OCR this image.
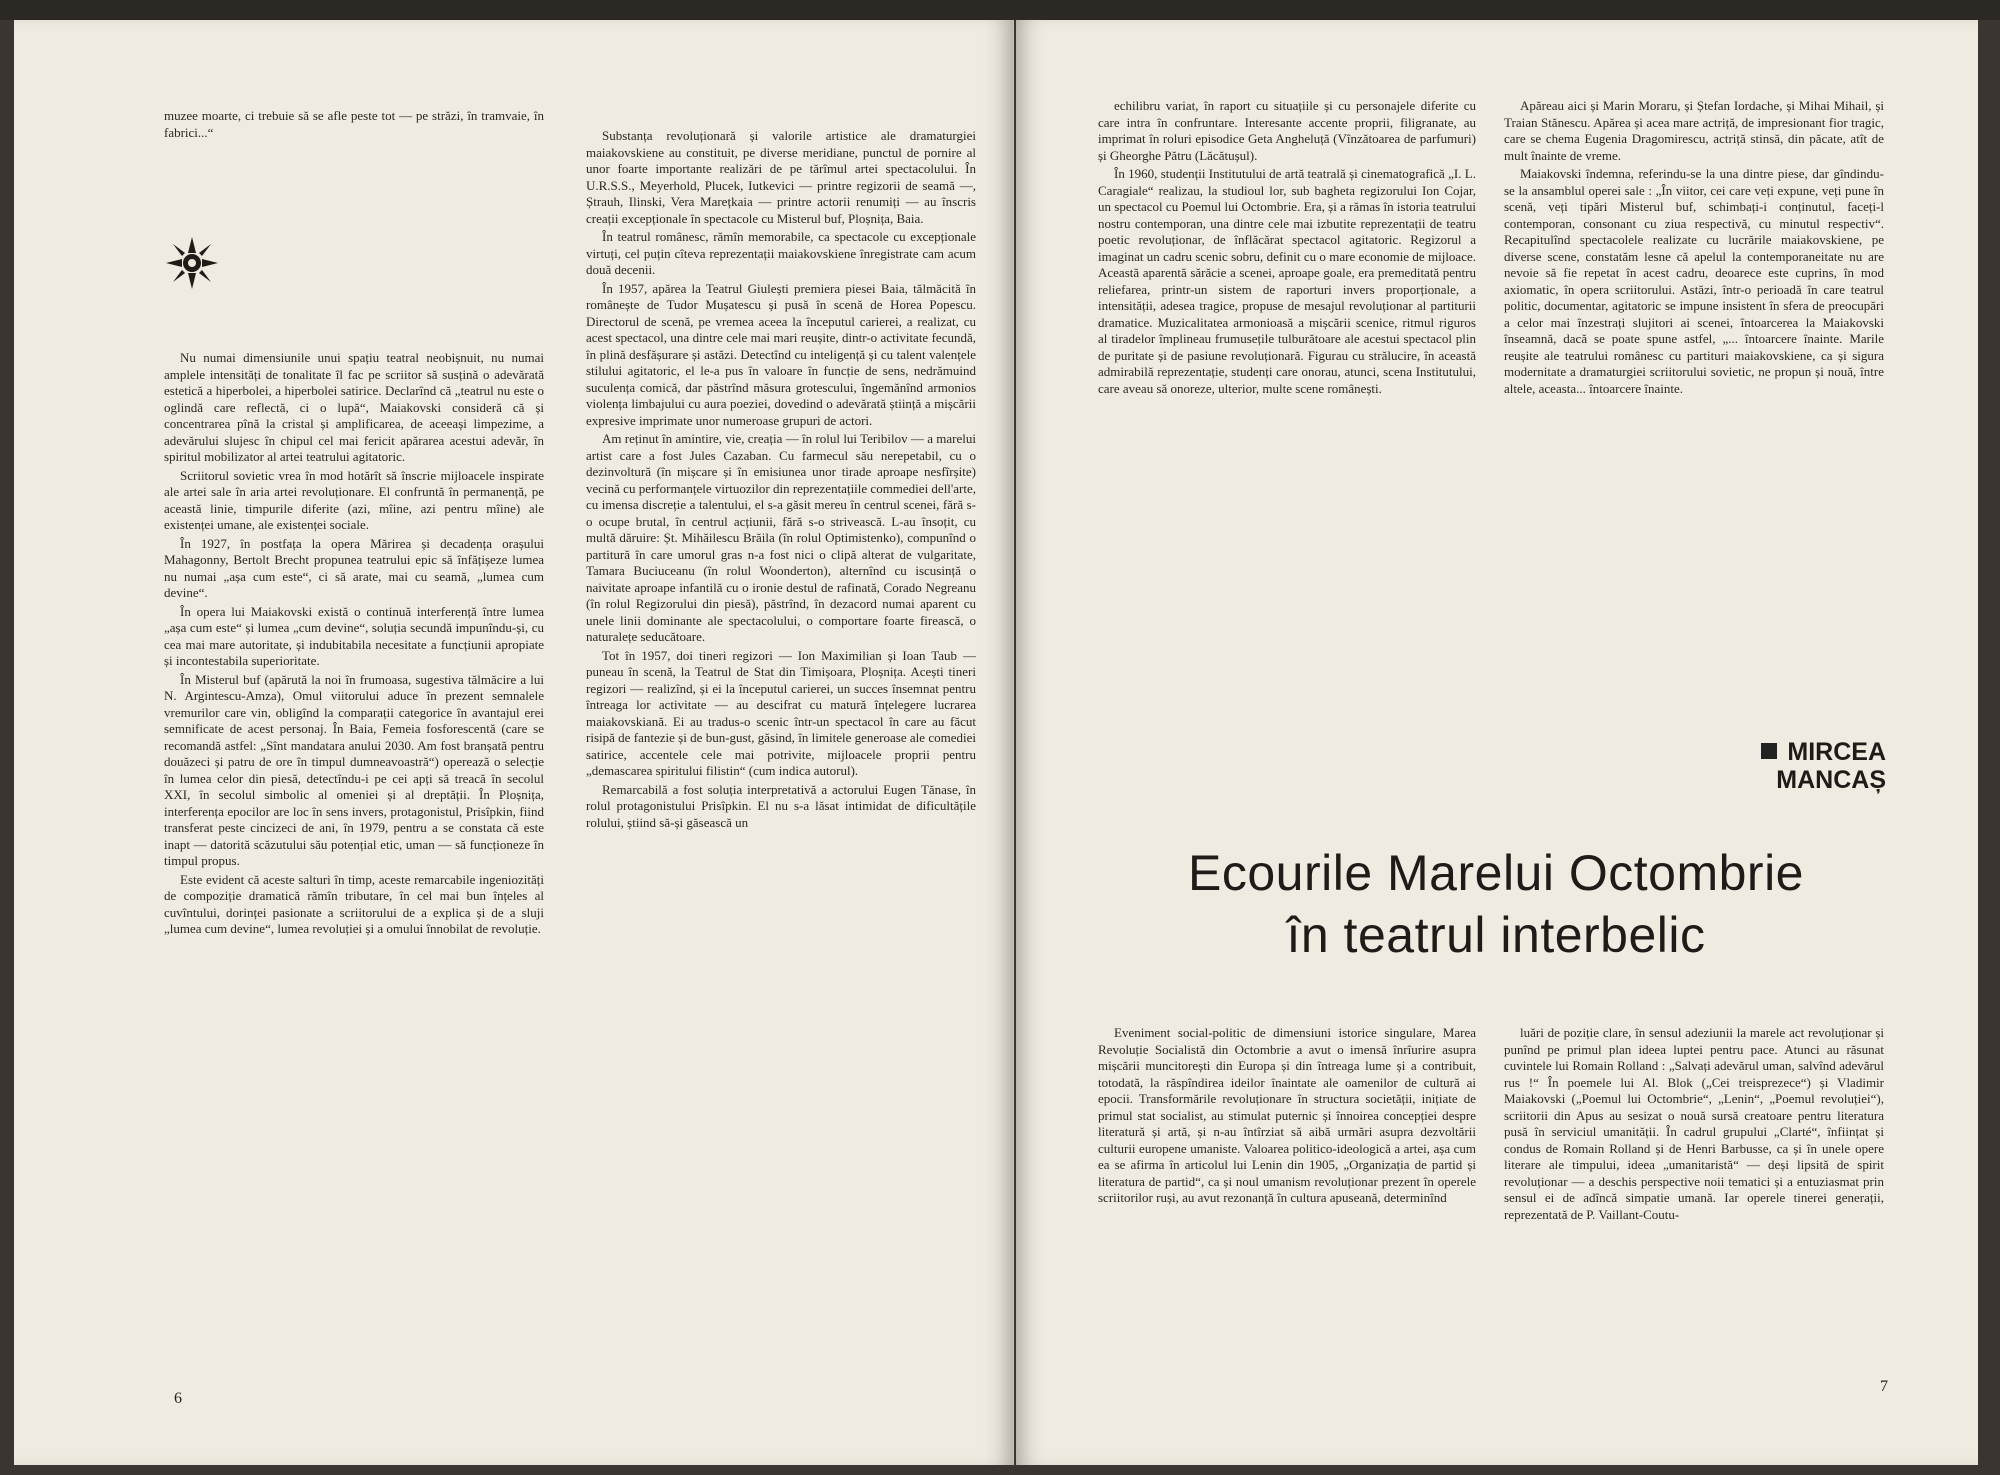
muzee moarte, ci trebuie să se afle peste tot — pe străzi, în tramvaie, în fabrici...“

Nu numai dimensiunile unui spațiu teatral neobișnuit, nu numai amplele intensități de tonalitate îl fac pe scriitor să susțină o adevărată estetică a hiperbolei, a hiperbolei satirice. Declarînd că „teatrul nu este o oglindă care reflectă, ci o lupă“, Maiakovski consideră că și concentrarea pînă la cristal și amplificarea, de aceeași limpezime, a adevărului slujesc în chipul cel mai fericit apărarea acestui adevăr, în spiritul mobilizator al artei teatrului agitatoric.

Scriitorul sovietic vrea în mod hotărît să înscrie mijloacele inspirate ale artei sale în aria artei revoluționare. El confruntă în permanență, pe această linie, timpurile diferite (azi, mîine, azi pentru mîine) ale existenței umane, ale existenței sociale.

În 1927, în postfața la opera Mărirea și decadența orașului Mahagonny, Bertolt Brecht propunea teatrului epic să înfățișeze lumea nu numai „așa cum este“, ci să arate, mai cu seamă, „lumea cum devine“.

În opera lui Maiakovski există o continuă interferență între lumea „așa cum este“ și lumea „cum devine“, soluția secundă impunîndu-și, cu cea mai mare autoritate, și indubitabila necesitate a funcțiunii apropiate și incontestabila superioritate.

În Misterul buf (apărută la noi în frumoasa, sugestiva tălmăcire a lui N. Argintescu-Amza), Omul viitorului aduce în prezent semnalele vremurilor care vin, obligînd la comparații categorice în avantajul erei semnificate de acest personaj. În Baia, Femeia fosforescentă (care se recomandă astfel: „Sînt mandatara anului 2030. Am fost branșată pentru douăzeci și patru de ore în timpul dumneavoastră“) operează o selecție în lumea celor din piesă, detectîndu-i pe cei apți să treacă în secolul XXI, în secolul simbolic al omeniei și al dreptății. În Ploșnița, interferența epocilor are loc în sens invers, protagonistul, Prisîpkin, fiind transferat peste cincizeci de ani, în 1979, pentru a se constata că este inapt — datorită scăzutului său potențial etic, uman — să funcționeze în timpul propus.

Este evident că aceste salturi în timp, aceste remarcabile ingeniozități de compoziție dramatică rămîn tributare, în cel mai bun înțeles al cuvîntului, dorinței pasionate a scriitorului de a explica și de a sluji „lumea cum devine“, lumea revoluției și a omului înnobilat de revoluție.

Substanța revoluționară și valorile artistice ale dramaturgiei maiakovskiene au constituit, pe diverse meridiane, punctul de pornire al unor foarte importante realizări de pe tărîmul artei spectacolului. În U.R.S.S., Meyerhold, Plucek, Iutkevici — printre regizorii de seamă —, Ștrauh, Ilinski, Vera Marețkaia — printre actorii renumiți — au înscris creații excepționale în spectacole cu Misterul buf, Ploșnița, Baia.

În teatrul românesc, rămîn memorabile, ca spectacole cu excepționale virtuți, cel puțin cîteva reprezentații maiakovskiene înregistrate cam acum două decenii.

În 1957, apărea la Teatrul Giulești premiera piesei Baia, tălmăcită în românește de Tudor Mușatescu și pusă în scenă de Horea Popescu. Directorul de scenă, pe vremea aceea la începutul carierei, a realizat, cu acest spectacol, una dintre cele mai mari reușite, dintr-o activitate fecundă, în plină desfășurare și astăzi. Detectînd cu inteligență și cu talent valențele stilului agitatoric, el le-a pus în valoare în funcție de sens, nedrămuind suculența comică, dar păstrînd măsura grotescului, îngemănînd armonios violența limbajului cu aura poeziei, dovedind o adevărată știință a mișcării expresive imprimate unor numeroase grupuri de actori.

Am reținut în amintire, vie, creația — în rolul lui Teribilov — a marelui artist care a fost Jules Cazaban. Cu farmecul său nerepetabil, cu o dezinvoltură (în mișcare și în emisiunea unor tirade aproape nesfîrșite) vecină cu performanțele virtuozilor din reprezentațiile commediei dell'arte, cu imensa discreție a talentului, el s-a găsit mereu în centrul scenei, fără s-o ocupe brutal, în centrul acțiunii, fără s-o strivească. L-au însoțit, cu multă dăruire: Șt. Mihăilescu Brăila (în rolul Optimistenko), compunînd o partitură în care umorul gras n-a fost nici o clipă alterat de vulgaritate, Tamara Buciuceanu (în rolul Woonderton), alternînd cu iscusință o naivitate aproape infantilă cu o ironie destul de rafinată, Corado Negreanu (în rolul Regizorului din piesă), păstrînd, în dezacord numai aparent cu unele linii dominante ale spectacolului, o comportare foarte firească, o naturalețe seducătoare.

Tot în 1957, doi tineri regizori — Ion Maximilian și Ioan Taub — puneau în scenă, la Teatrul de Stat din Timișoara, Ploșnița. Acești tineri regizori — realizînd, și ei la începutul carierei, un succes însemnat pentru întreaga lor activitate — au descifrat cu matură înțelegere lucrarea maiakovskiană. Ei au tradus-o scenic într-un spectacol în care au făcut risipă de fantezie și de bun-gust, găsind, în limitele generoase ale comediei satirice, accentele cele mai potrivite, mijloacele proprii pentru „demascarea spiritului filistin“ (cum indica autorul).

Remarcabilă a fost soluția interpretativă a actorului Eugen Tănase, în rolul protagonistului Prisîpkin. El nu s-a lăsat intimidat de dificultățile rolului, știind să-și găsească un

6

echilibru variat, în raport cu situațiile și cu personajele diferite cu care intra în confruntare. Interesante accente proprii, filigranate, au imprimat în roluri episodice Geta Angheluță (Vînzătoarea de parfumuri) și Gheorghe Pătru (Lăcătușul).

În 1960, studenții Institutului de artă teatrală și cinematografică „I. L. Caragiale“ realizau, la studioul lor, sub bagheta regizorului Ion Cojar, un spectacol cu Poemul lui Octombrie. Era, și a rămas în istoria teatrului nostru contemporan, una dintre cele mai izbutite reprezentații de teatru poetic revoluționar, de înflăcărat spectacol agitatoric. Regizorul a imaginat un cadru scenic sobru, definit cu o mare economie de mijloace. Această aparentă sărăcie a scenei, aproape goale, era premeditată pentru reliefarea, printr-un sistem de raporturi invers proporționale, a intensității, adesea tragice, propuse de mesajul revoluționar al partiturii dramatice. Muzicalitatea armonioasă a mișcării scenice, ritmul riguros al tiradelor împlineau frumusețile tulburătoare ale acestui spectacol plin de puritate și de pasiune revoluționară. Figurau cu strălucire, în această admirabilă reprezentație, studenți care onorau, atunci, scena Institutului, care aveau să onoreze, ulterior, multe scene românești.

Apăreau aici și Marin Moraru, și Ștefan Iordache, și Mihai Mihail, și Traian Stănescu. Apărea și acea mare actriță, de impresionant fior tragic, care se chema Eugenia Dragomirescu, actriță stinsă, din păcate, atît de mult înainte de vreme.

Maiakovski îndemna, referindu-se la una dintre piese, dar gîndindu-se la ansamblul operei sale : „În viitor, cei care veți expune, veți pune în scenă, veți tipări Misterul buf, schimbați-i conținutul, faceți-l contemporan, consonant cu ziua respectivă, cu minutul respectiv“. Recapitulînd spectacolele realizate cu lucrările maiakovskiene, pe diverse scene, constatăm lesne că apelul la contemporaneitate nu are nevoie să fie repetat în acest cadru, deoarece este cuprins, în mod axiomatic, în opera scriitorului. Astăzi, într-o perioadă în care teatrul politic, documentar, agitatoric se impune insistent în sfera de preocupări a celor mai înzestrați slujitori ai scenei, întoarcerea la Maiakovski înseamnă, dacă se poate spune astfel, „... întoarcere înainte. Marile reușite ale teatrului românesc cu partituri maiakovskiene, ca și sigura modernitate a dramaturgiei scriitorului sovietic, ne propun și nouă, între altele, aceasta... întoarcere înainte.

MIRCEA
MANCAȘ
Ecourile Marelui Octombrie
în teatrul interbelic

Eveniment social-politic de dimensiuni istorice singulare, Marea Revoluție Socialistă din Octombrie a avut o imensă înrîurire asupra mișcării muncitorești din Europa și din întreaga lume și a contribuit, totodată, la răspîndirea ideilor înaintate ale oamenilor de cultură ai epocii. Transformările revoluționare în structura societății, inițiate de primul stat socialist, au stimulat puternic și înnoirea concepției despre literatură și artă, și n-au întîrziat să aibă urmări asupra dezvoltării culturii europene umaniste. Valoarea politico-ideologică a artei, așa cum ea se afirma în articolul lui Lenin din 1905, „Organizația de partid și literatura de partid“, ca și noul umanism revoluționar prezent în operele scriitorilor ruși, au avut rezonanță în cultura apuseană, determinînd

luări de poziție clare, în sensul adeziunii la marele act revoluționar și punînd pe primul plan ideea luptei pentru pace. Atunci au răsunat cuvintele lui Romain Rolland : „Salvați adevărul uman, salvînd adevărul rus !“ În poemele lui Al. Blok („Cei treisprezece“) și Vladimir Maiakovski („Poemul lui Octombrie“, „Lenin“, „Poemul revoluției“), scriitorii din Apus au sesizat o nouă sursă creatoare pentru literatura pusă în serviciul umanității. În cadrul grupului „Clarté“, înființat și condus de Romain Rolland și de Henri Barbusse, ca și în unele opere literare ale timpului, ideea „umanitaristă“ — deși lipsită de spirit revoluționar — a deschis perspective noii tematici și a entuziasmat prin sensul ei de adîncă simpatie umană. Iar operele tinerei generații, reprezentată de P. Vaillant-Coutu-

7
